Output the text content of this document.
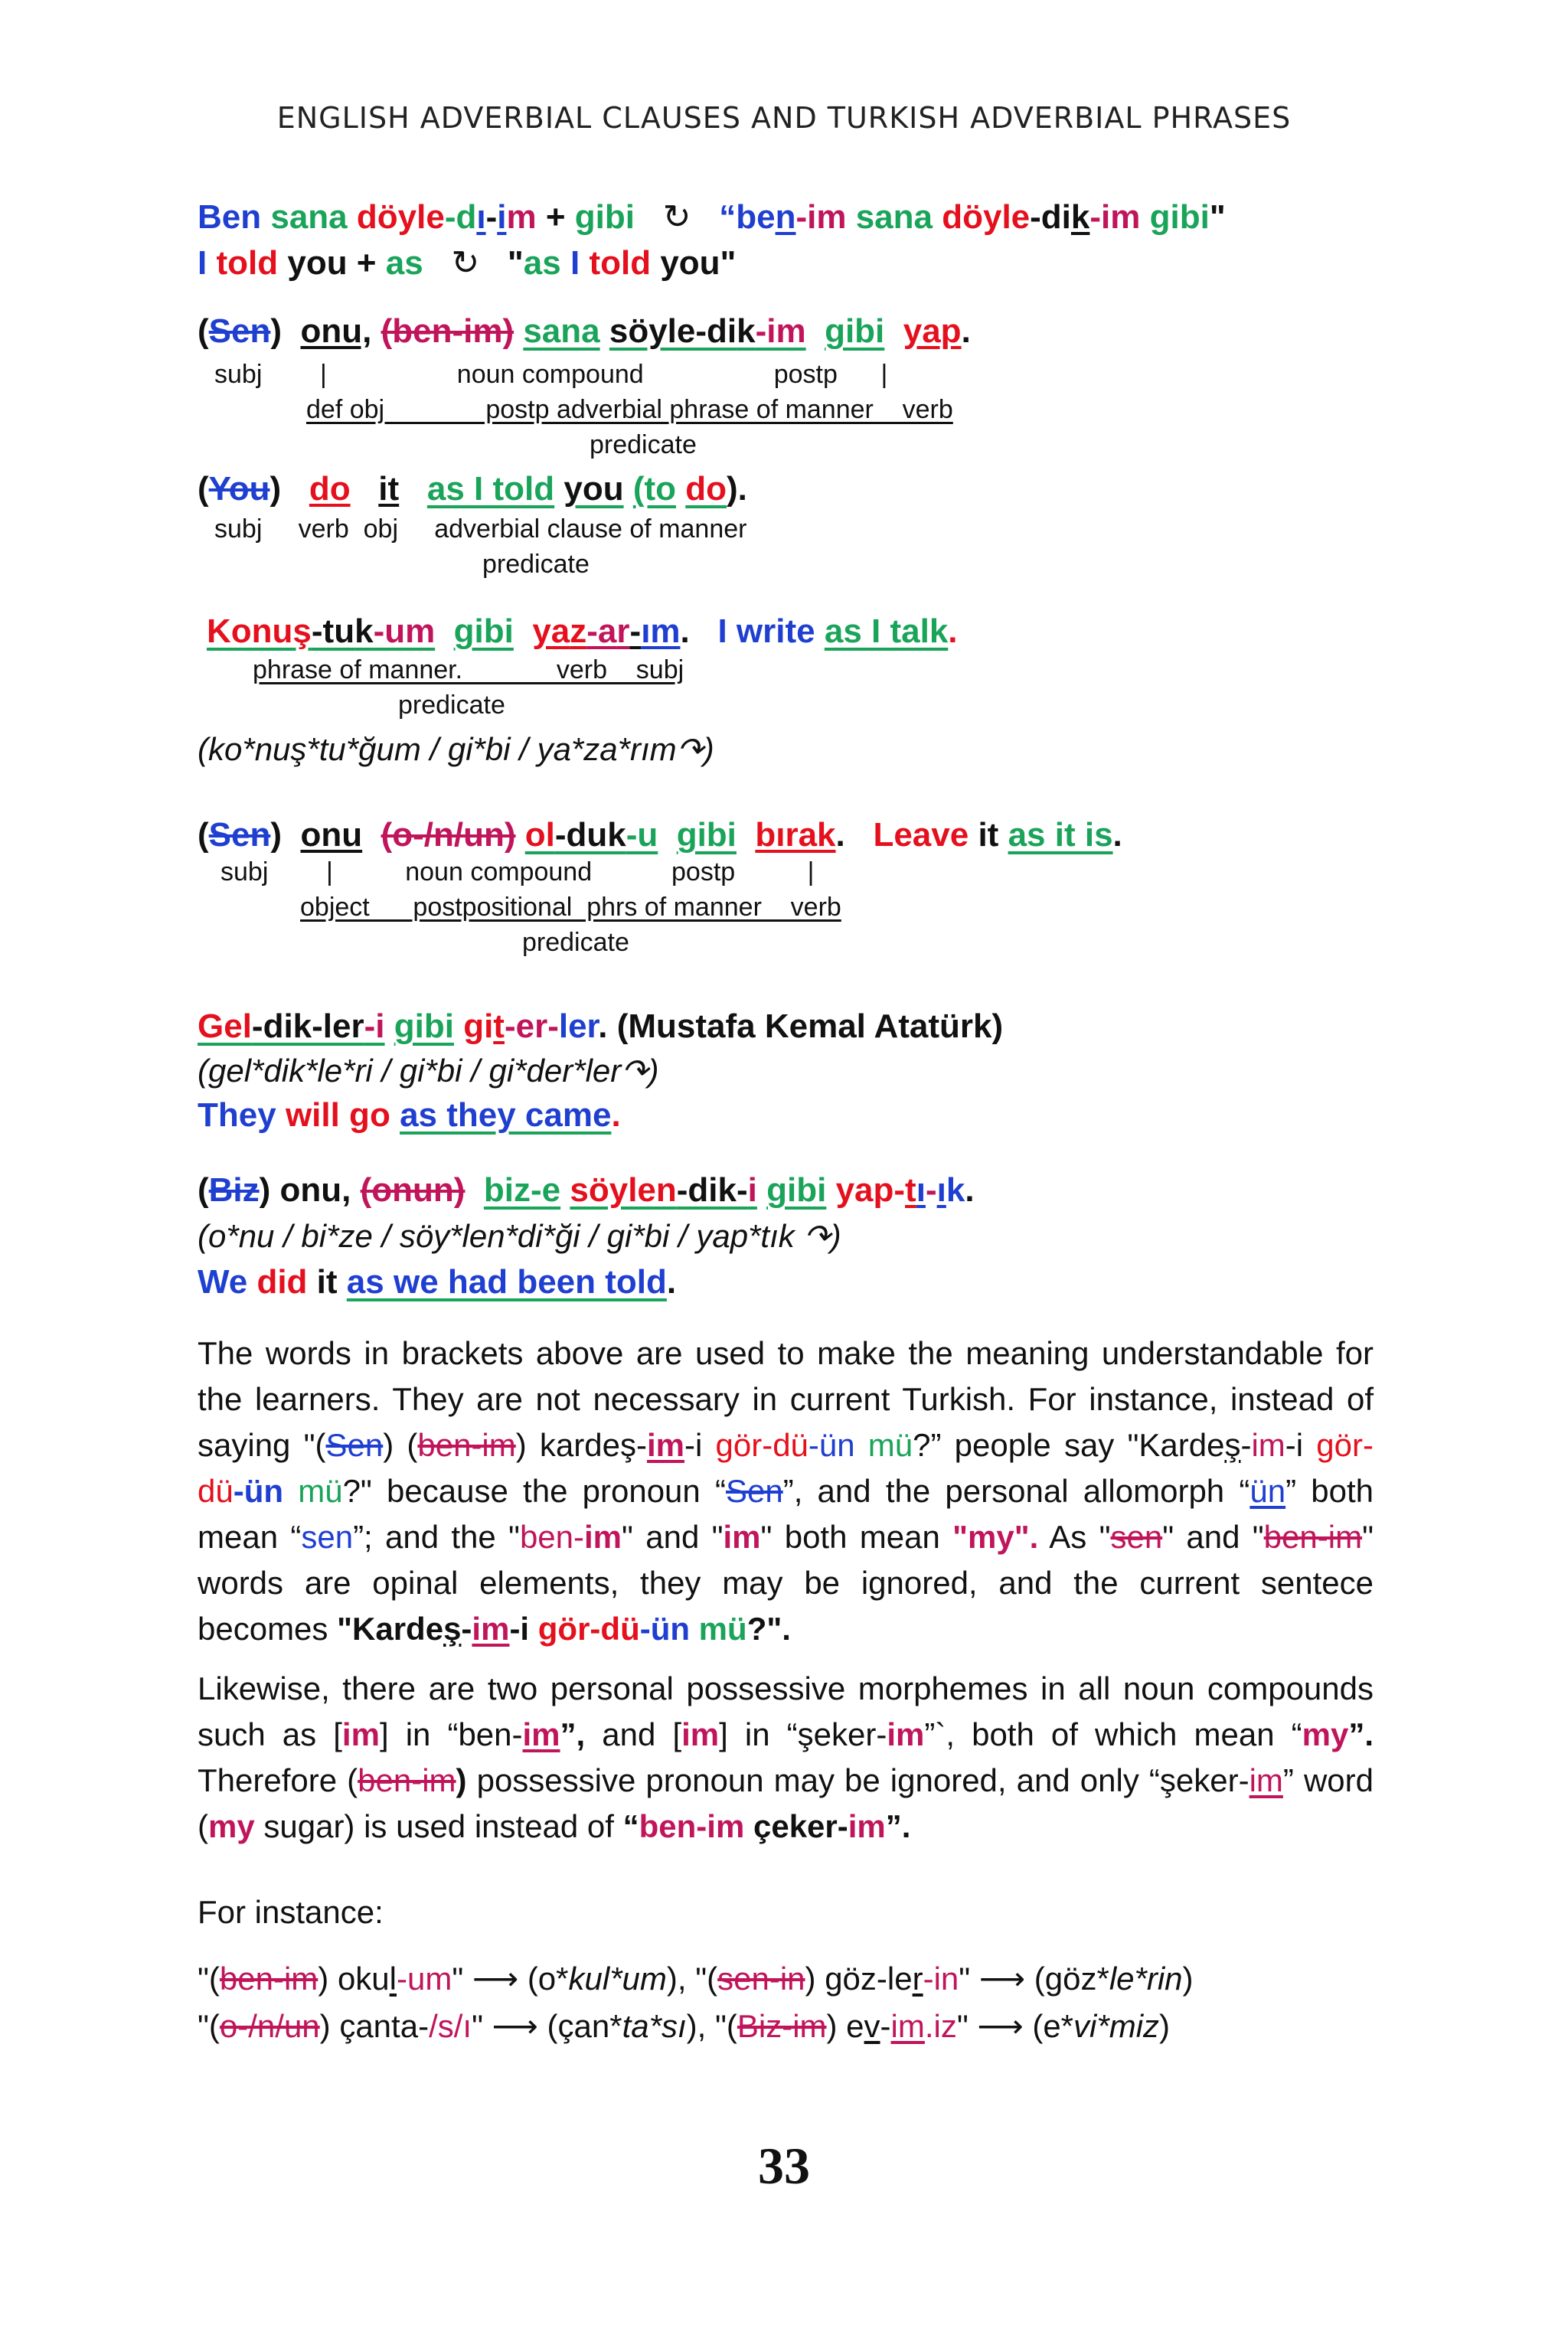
ENGLISH ADVERBIAL CLAUSES AND TURKISH ADVERBIAL PHRASES
Ben sana döyle-dı-im + gibi ↻ “ben-im sana döyle-dik-im gibi"
I told you + as ↻ "as I told you"
(Sen) onu, (ben-im) sana söyle-dik-im gibi yap.
subj        |                  noun compound                  postp      |
def obj              postp adverbial phrase of manner    verb
predicate
(You) do it as I told you (to do).
subj     verb  obj     adverbial clause of manner
predicate
Konuş-tuk-um gibi yaz-ar-ım. I write as I talk.
phrase of manner.             verb    subj
predicate
(ko*nuş*tu*ğum / gi*bi / ya*za*rım↷)
(Sen) onu (o-/n/un) ol-duk-u gibi bırak. Leave it as it is.
subj        |          noun compound           postp          |
object      postpositional  phrs of manner    verb
predicate
Gel-dik-ler-i gibi git-er-ler. (Mustafa Kemal Atatürk)
(gel*dik*le*ri / gi*bi / gi*der*ler↷)
They will go as they came.
(Biz) onu, (onun) biz-e söylen-dik-i gibi yap-tı-ık.
(o*nu / bi*ze / söy*len*di*ği / gi*bi / yap*tık ↷)
We did it as we had been told.
The words in brackets above are used to make the meaning understandable for the learners. They are not necessary in current Turkish. For instance, instead of saying "(Sen) (ben-im) kardeş-im-i gör-dü-ün mü?” people say "Kardeş-im-i gör-dü-ün mü?" because the pronoun “Sen”, and the personal allomorph “ün” both mean “sen”; and the "ben-im" and "im" both mean "my". As "sen" and "ben-im" words are opinal elements, they may be ignored, and the current sentece becomes "Kardeş-im-i gör-dü-ün mü?".
Likewise, there are two personal possessive morphemes in all noun compounds such as [im] in “ben-im”, and [im] in “şeker-im”`, both of which mean “my”. Therefore (ben-im) possessive pronoun may be ignored, and only “şeker-im” word (my sugar) is used instead of “ben-im çeker-im”.
For instance:
"(ben-im) okul-um" ⟶ (o*kul*um), "(sen-in) göz-ler-in" ⟶ (göz*le*rin)
"(o-/n/un) çanta-/s/ı" ⟶ (çan*ta*sı), "(Biz-im) ev-im.iz" ⟶ (e*vi*miz)
33
